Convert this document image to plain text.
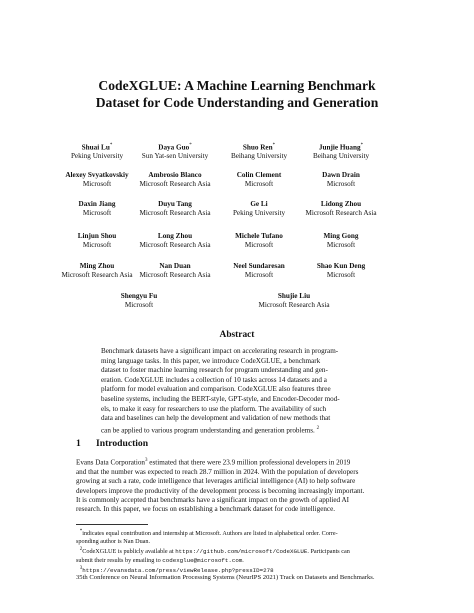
CodeXGLUE: A Machine Learning Benchmark
Dataset for Code Understanding and Generation
Shuai Lu*
Peking University
Daya Guo*
Sun Yat-sen University
Shuo Ren*
Beihang University
Junjie Huang*
Beihang University
Alexey Svyatkovskiy
Microsoft
Ambrosio Blanco
Microsoft Research Asia
Colin Clement
Microsoft
Dawn Drain
Microsoft
Daxin Jiang
Microsoft
Duyu Tang
Microsoft Research Asia
Ge Li
Peking University
Lidong Zhou
Microsoft Research Asia
Linjun Shou
Microsoft
Long Zhou
Microsoft Research Asia
Michele Tufano
Microsoft
Ming Gong
Microsoft
Ming Zhou
Microsoft Research Asia
Nan Duan
Microsoft Research Asia
Neel Sundaresan
Microsoft
Shao Kun Deng
Microsoft
Shengyu Fu
Microsoft
Shujie Liu
Microsoft Research Asia
Abstract
Benchmark datasets have a significant impact on accelerating research in program-
ming language tasks. In this paper, we introduce CodeXGLUE, a benchmark
dataset to foster machine learning research for program understanding and gen-
eration. CodeXGLUE includes a collection of 10 tasks across 14 datasets and a
platform for model evaluation and comparison. CodeXGLUE also features three
baseline systems, including the BERT-style, GPT-style, and Encoder-Decoder mod-
els, to make it easy for researchers to use the platform. The availability of such
data and baselines can help the development and validation of new methods that
can be applied to various program understanding and generation problems. $^2$
1 Introduction
Evans Data Corporation$^3$ estimated that there were 23.9 million professional developers in 2019
and that the number was expected to reach 28.7 million in 2024. With the population of developers
growing at such a rate, code intelligence that leverages artificial intelligence (AI) to help software
developers improve the productivity of the development process is becoming increasingly important.
It is commonly accepted that benchmarks have a significant impact on the growth of applied AI
research. In this paper, we focus on establishing a benchmark dataset for code intelligence.
   *indicates equal contribution and internship at Microsoft. Authors are listed in alphabetical order. Corre-
sponding author is Nan Duan.
   $^2$CodeXGLUE is publicly available at https://github.com/microsoft/CodeXGLUE. Participants can
submit their results by emailing to codexglue@microsoft.com.
   $^3$https://evansdata.com/press/viewRelease.php?pressID=278
35th Conference on Neural Information Processing Systems (NeurIPS 2021) Track on Datasets and Benchmarks.
